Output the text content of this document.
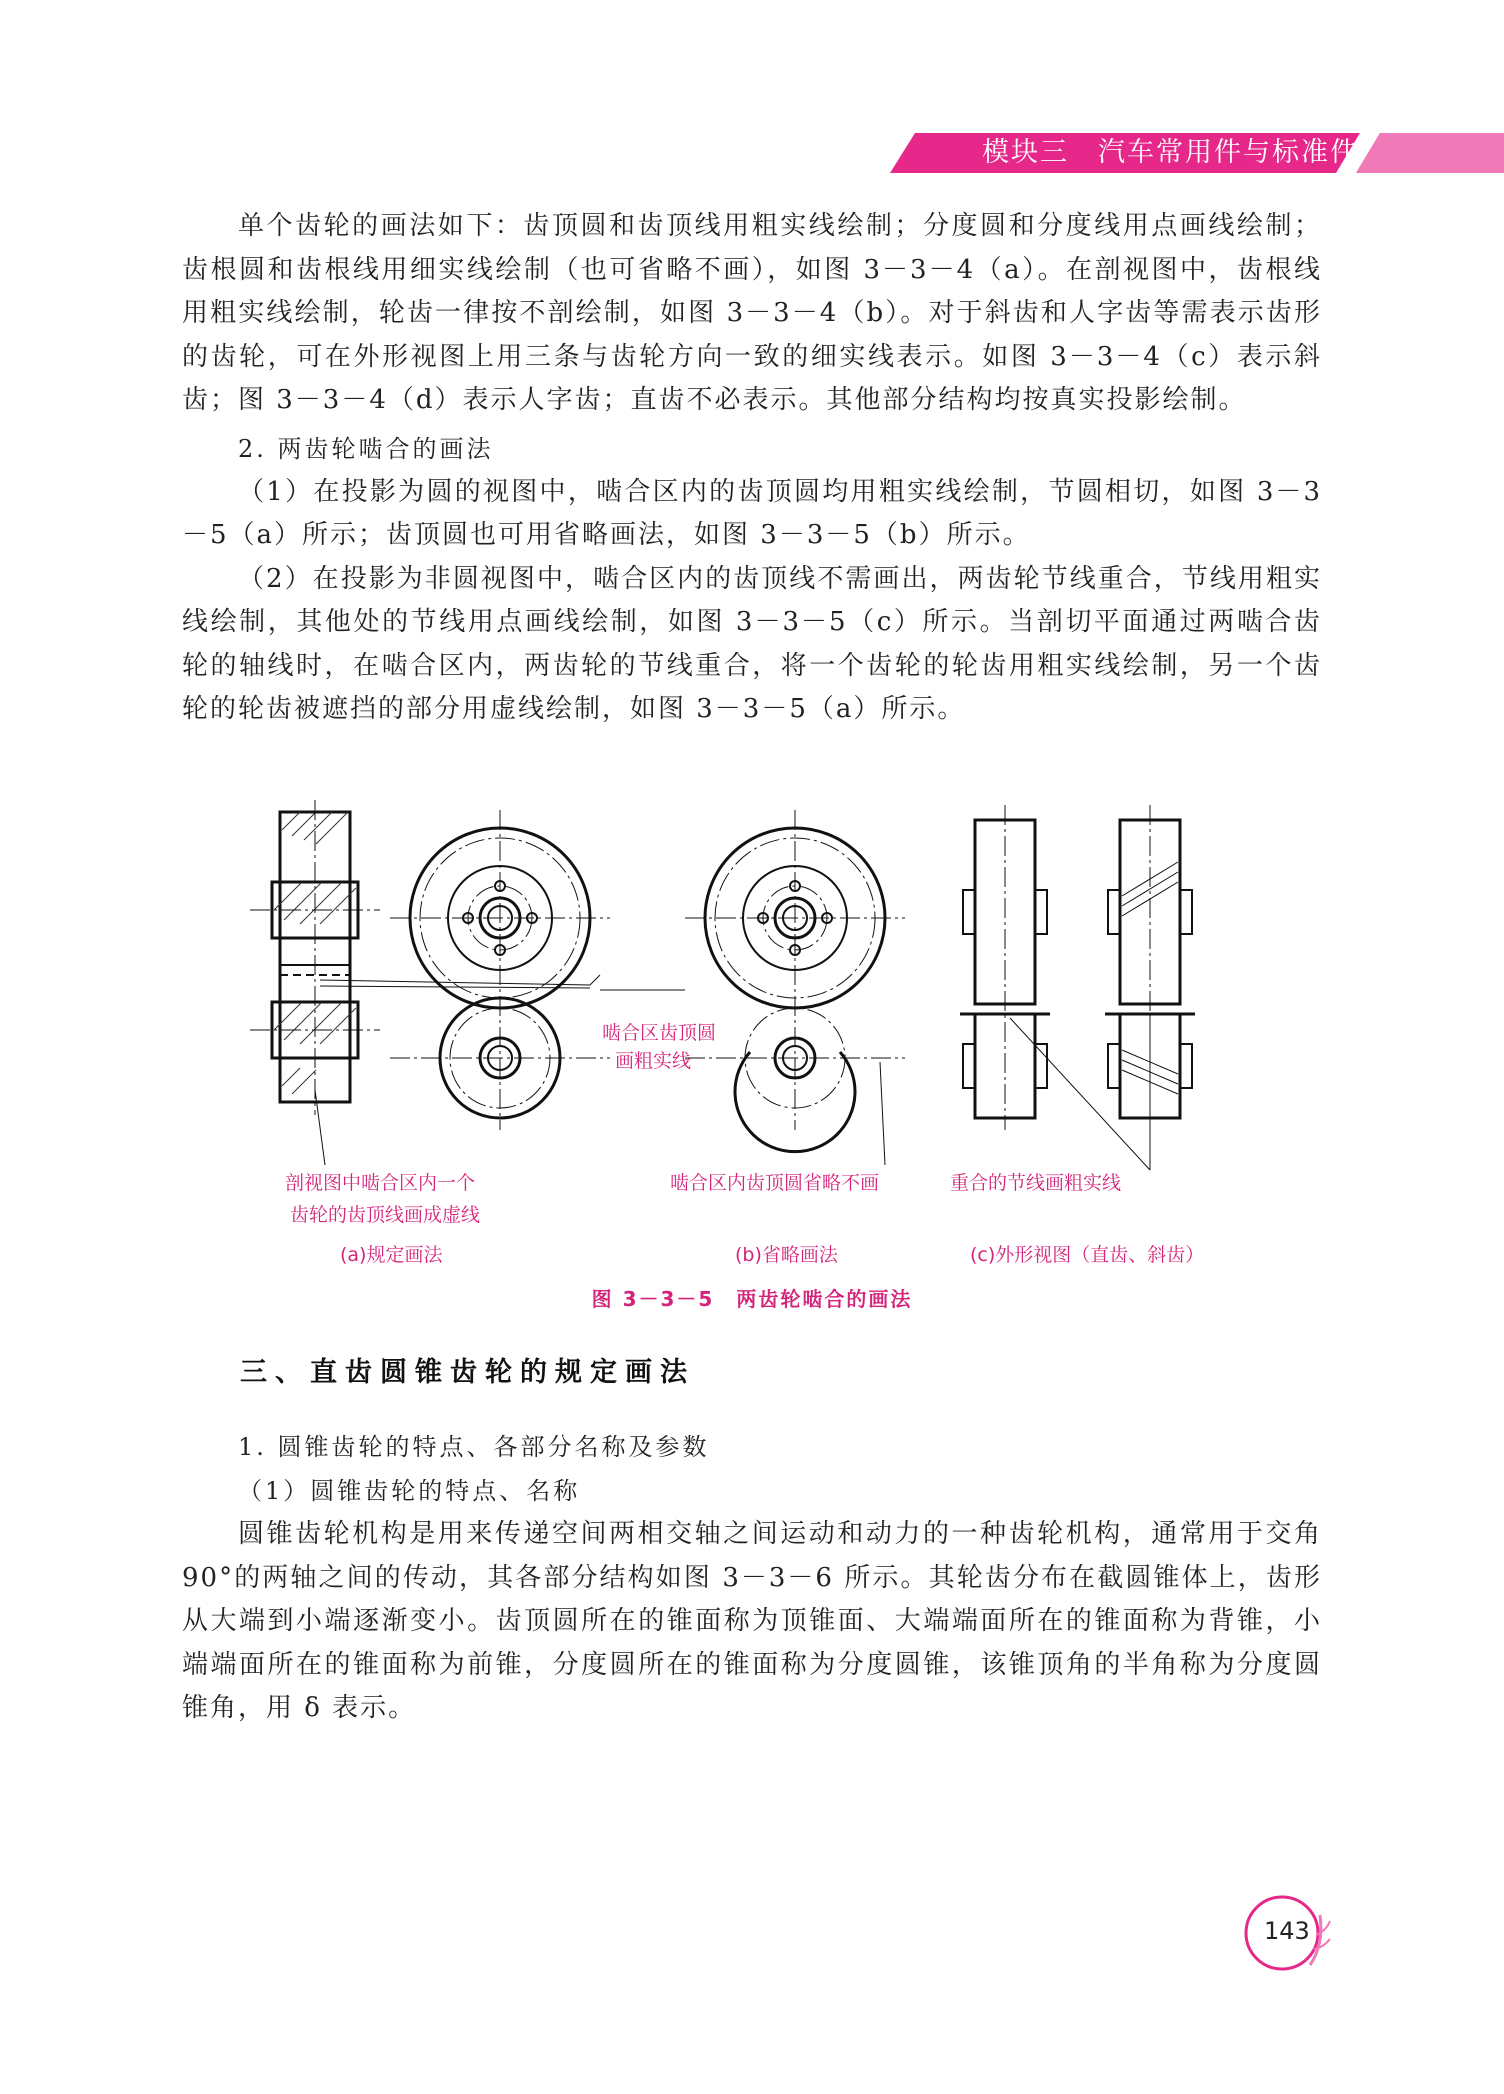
模块三　汽车常用件与标准件

单个齿轮的画法如下：齿顶圆和齿顶线用粗实线绘制；分度圆和分度线用点画线绘制；齿根圆和齿根线用细实线绘制（也可省略不画），如图 3－3－4（a）。在剖视图中，齿根线用粗实线绘制，轮齿一律按不剖绘制，如图 3－3－4（b）。对于斜齿和人字齿等需表示齿形的齿轮，可在外形视图上用三条与齿轮方向一致的细实线表示。如图 3－3－4（c）表示斜齿；图 3－3－4（d）表示人字齿；直齿不必表示。其他部分结构均按真实投影绘制。

2. 两齿轮啮合的画法

（1）在投影为圆的视图中，啮合区内的齿顶圆均用粗实线绘制，节圆相切，如图 3－3－5（a）所示；齿顶圆也可用省略画法，如图 3－3－5（b）所示。

（2）在投影为非圆视图中，啮合区内的齿顶线不需画出，两齿轮节线重合，节线用粗实线绘制，其他处的节线用点画线绘制，如图 3－3－5（c）所示。当剖切平面通过两啮合齿轮的轴线时，在啮合区内，两齿轮的节线重合，将一个齿轮的轮齿用粗实线绘制，另一个齿轮的轮齿被遮挡的部分用虚线绘制，如图 3－3－5（a）所示。

啮合区齿顶圆
画粗实线
剖视图中啮合区内一个
齿轮的齿顶线画成虚线
啮合区内齿顶圆省略不画	重合的节线画粗实线
(a)规定画法	(b)省略画法	(c)外形视图（直齿、斜齿）
图 3－3－5　两齿轮啮合的画法
三、直齿圆锥齿轮的规定画法

1. 圆锥齿轮的特点、各部分名称及参数

（1）圆锥齿轮的特点、名称

圆锥齿轮机构是用来传递空间两相交轴之间运动和动力的一种齿轮机构，通常用于交角 90°的两轴之间的传动，其各部分结构如图 3－3－6 所示。其轮齿分布在截圆锥体上，齿形从大端到小端逐渐变小。齿顶圆所在的锥面称为顶锥面、大端端面所在的锥面称为背锥，小端端面所在的锥面称为前锥，分度圆所在的锥面称为分度圆锥，该锥顶角的半角称为分度圆锥角，用 δ 表示。

143
